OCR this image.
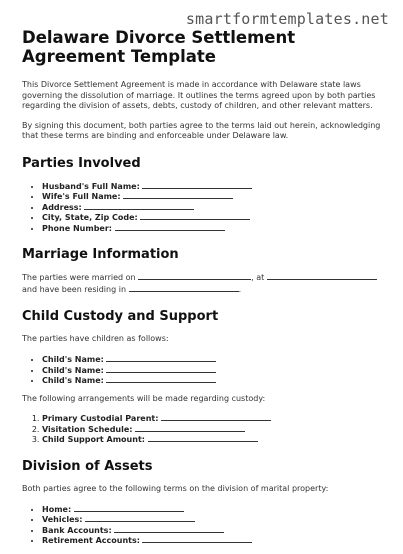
smartformtemplates.net
Delaware Divorce Settlement Agreement Template

This Divorce Settlement Agreement is made in accordance with Delaware state laws governing the dissolution of marriage. It outlines the terms agreed upon by both parties regarding the division of assets, debts, custody of children, and other relevant matters.

By signing this document, both parties agree to the terms laid out herein, acknowledging that these terms are binding and enforceable under Delaware law.

Parties Involved
• Husband's Full Name:
• Wife's Full Name:
• Address:
• City, State, Zip Code:
• Phone Number:
Marriage Information
The parties were married on	, at
and have been residing in	.
Child Custody and Support

The parties have children as follows:

• Child's Name:
• Child's Name:
• Child's Name:

The following arrangements will be made regarding custody:

1. Primary Custodial Parent:
2. Visitation Schedule:
3. Child Support Amount:
Division of Assets

Both parties agree to the following terms on the division of marital property:

• Home:
• Vehicles:
• Bank Accounts:
• Retirement Accounts:
